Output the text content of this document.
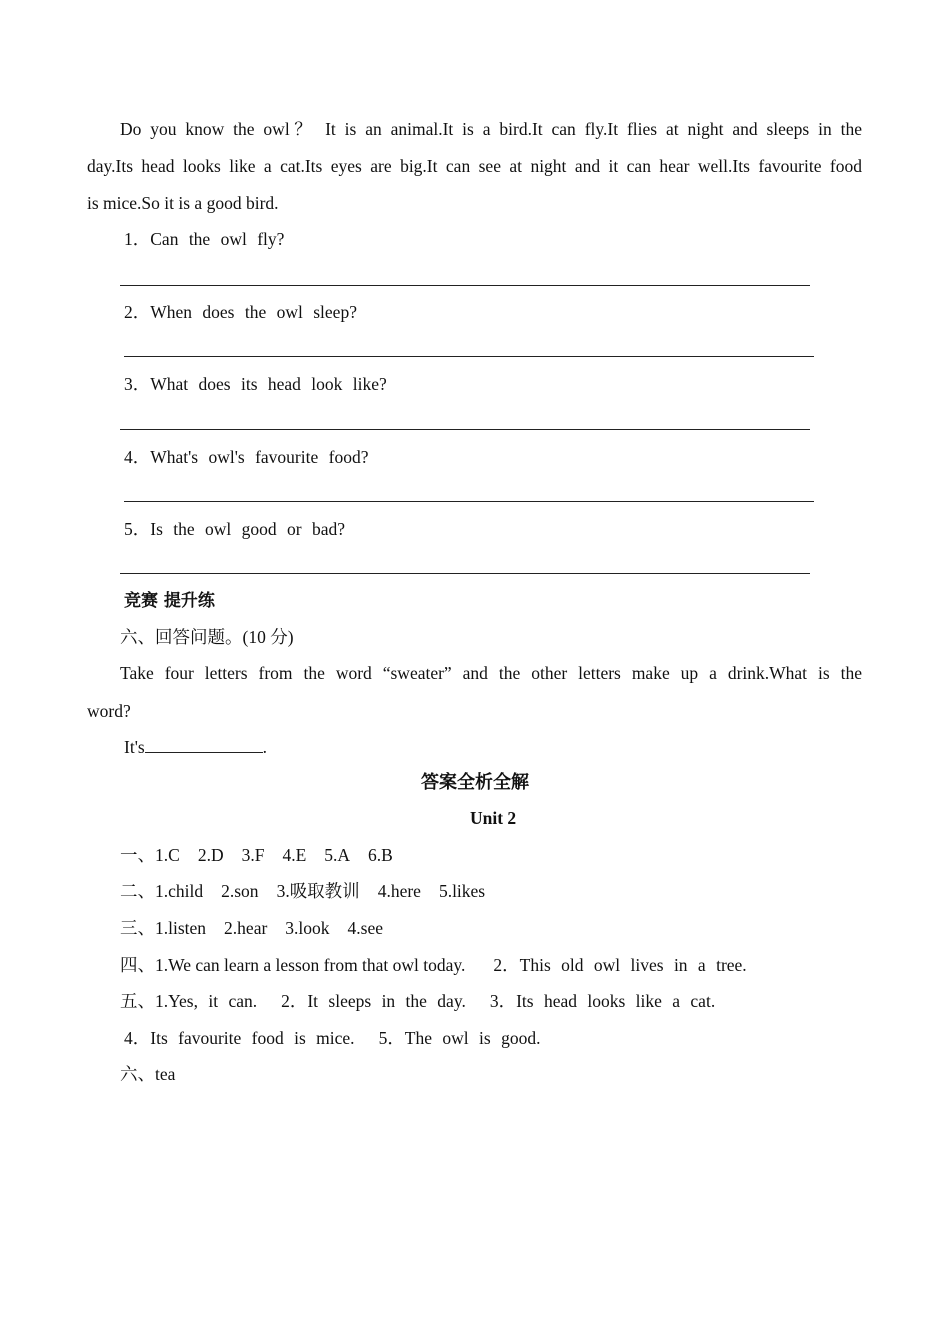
Do you know the owl？ It is an animal.It is a bird.It can fly.It flies at night and sleeps in the
day.Its head looks like a cat.Its eyes are big.It can see at night and it can hear well.Its favourite food
is mice.So it is a good bird.
1．Can the owl fly?
2．When does the owl sleep?
3．What does its head look like?
4．What's owl's favourite food?
5．Is the owl good or bad?
竞赛 提升练
六、回答问题。(10 分)
Take four letters from the word “sweater” and the other letters make up a drink.What is the
word?
It's	.
答案全析全解
Unit 2
一、1.C 2.D 3.F 4.E 5.A 6.B
二、1.child 2.son 3.吸取教训 4.here 5.likes
三、1.listen 2.hear 3.look 4.see
四、1.We can learn a lesson from that owl today. 2．This old owl lives in a tree.
五、1.Yes, it can. 2．It sleeps in the day. 3．Its head looks like a cat.
4．Its favourite food is mice. 5．The owl is good.
六、tea
